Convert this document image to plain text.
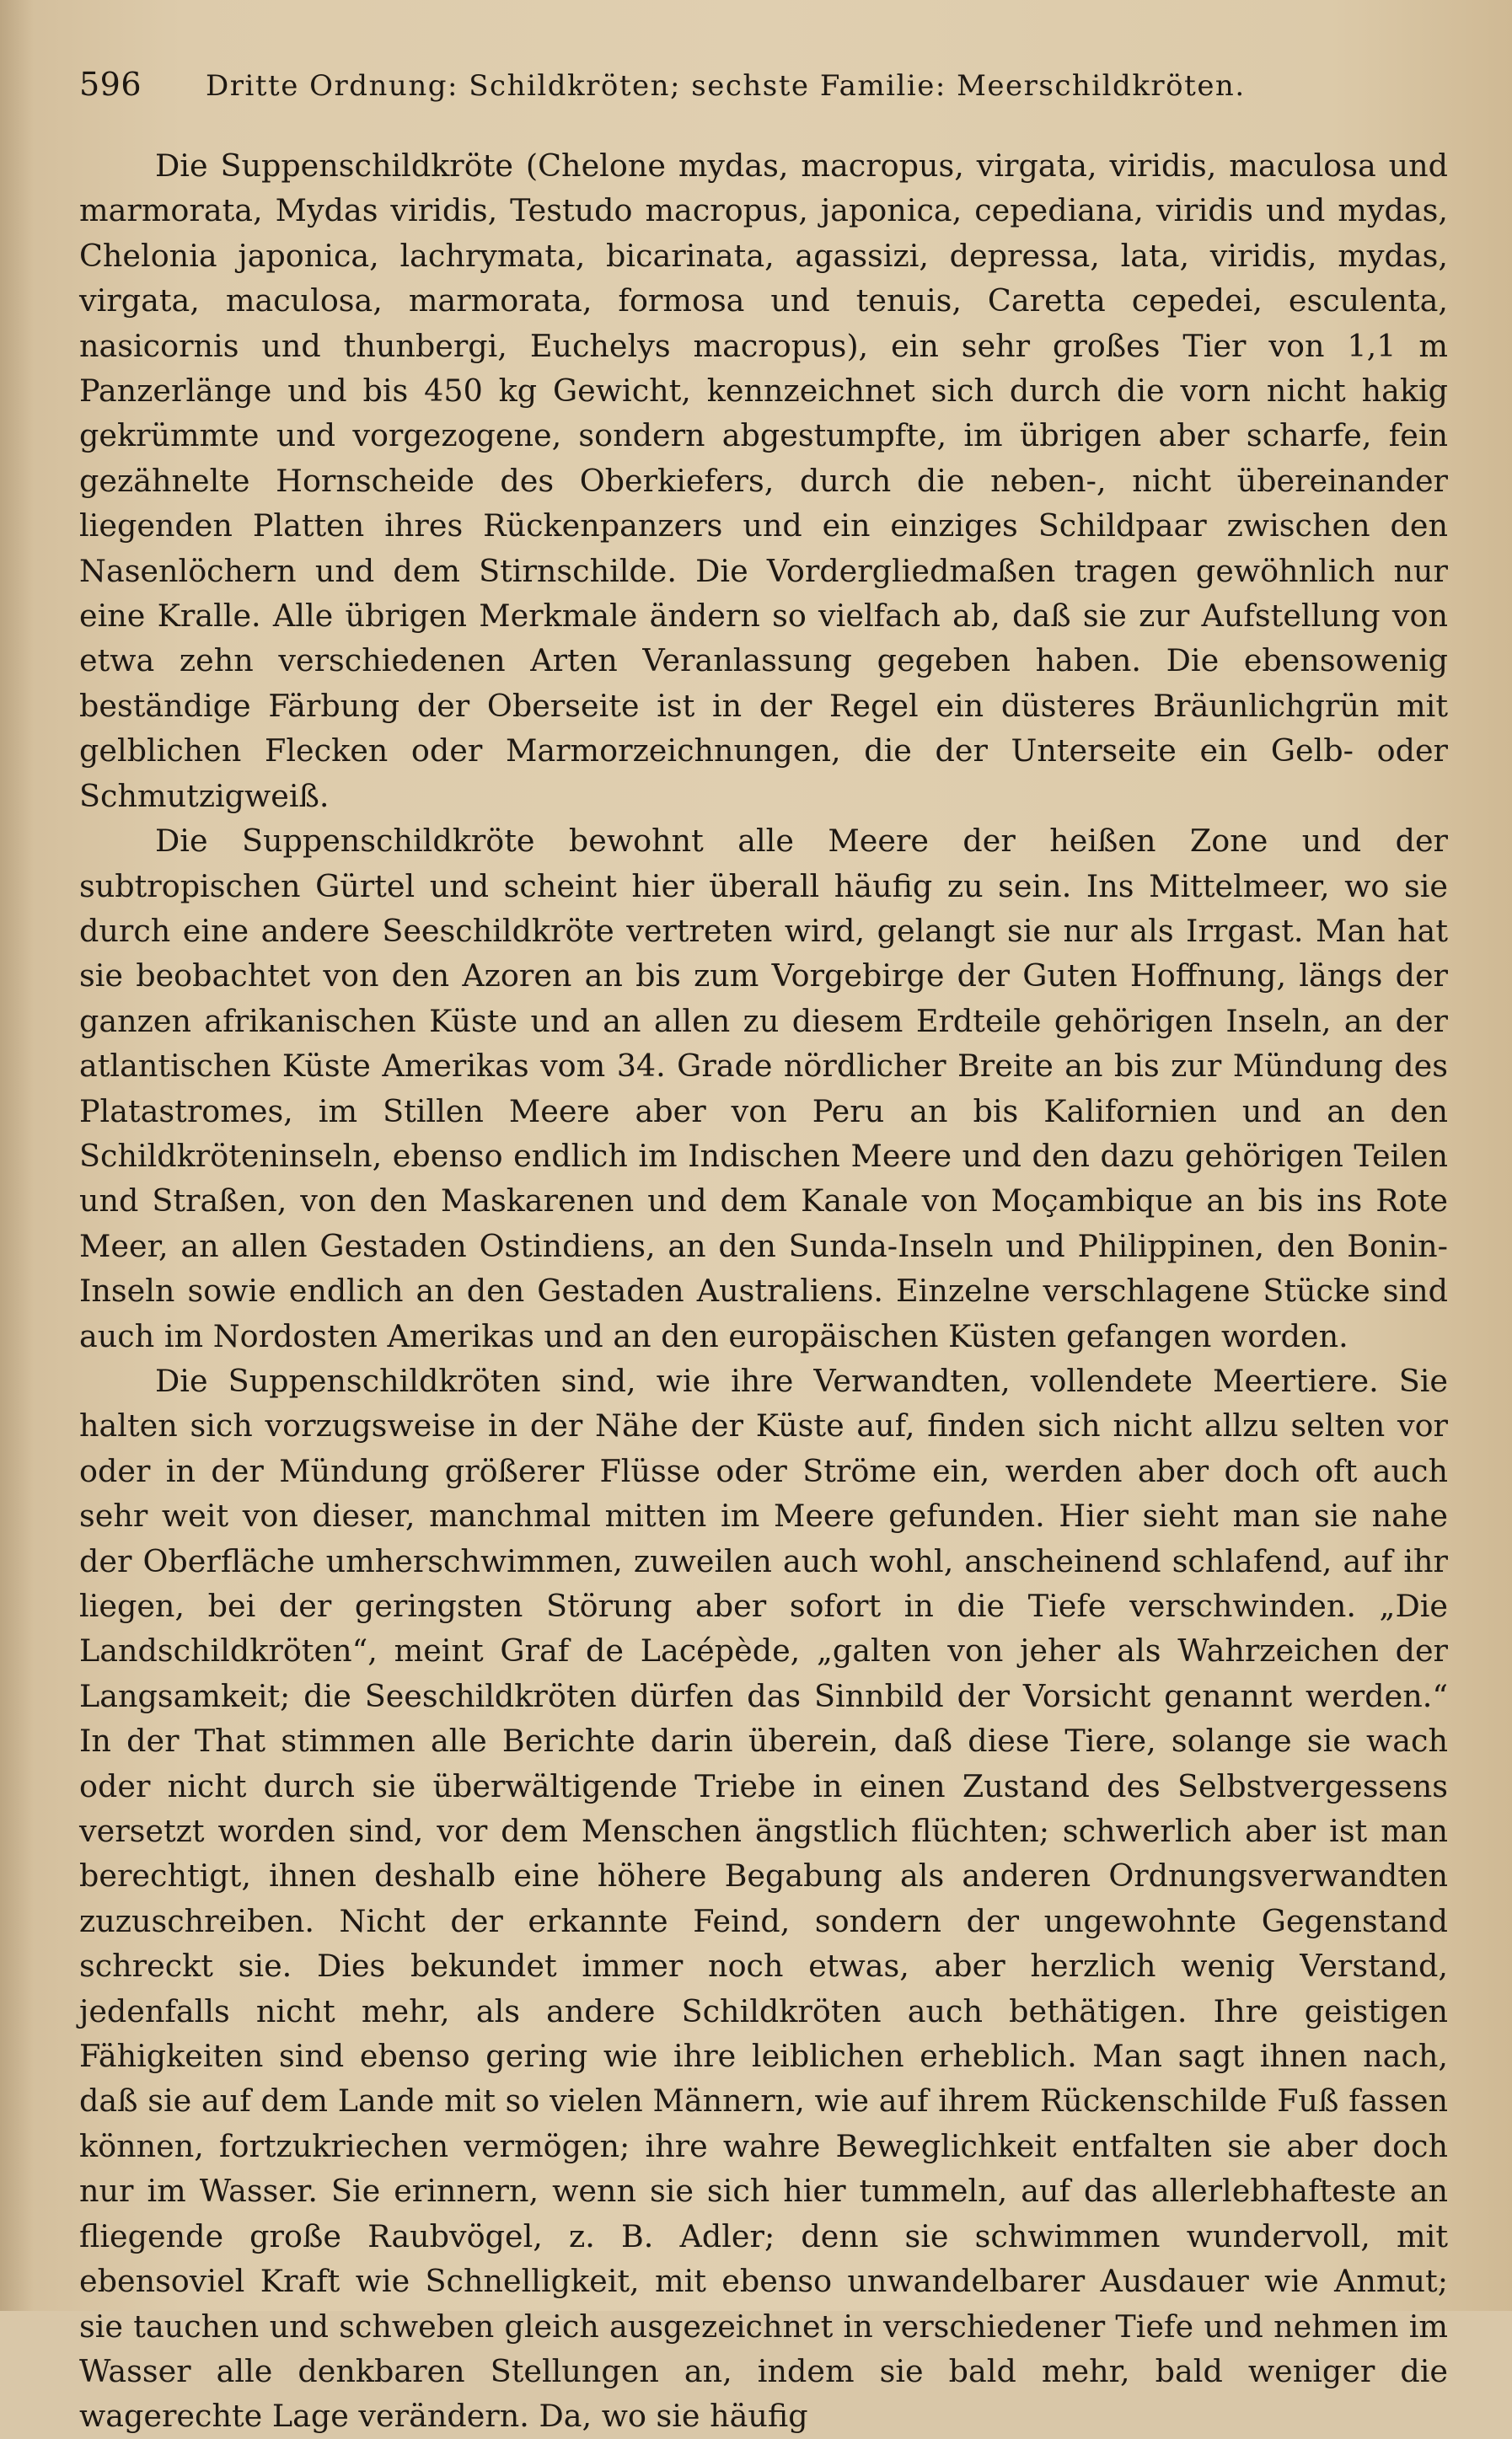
596	Dritte Ordnung: Schildkröten; sechste Familie: Meerschildkröten.

Die Suppenschildkröte (Chelone mydas, macropus, virgata, viridis, maculosa und marmorata, Mydas viridis, Testudo macropus, japonica, cepediana, viridis und mydas, Chelonia japonica, lachrymata, bicarinata, agassizi, depressa, lata, viridis, mydas, virgata, maculosa, marmorata, formosa und tenuis, Caretta cepedei, esculenta, nasicornis und thunbergi, Euchelys macropus), ein sehr großes Tier von 1,1 m Panzerlänge und bis 450 kg Gewicht, kennzeichnet sich durch die vorn nicht hakig gekrümmte und vorgezogene, sondern abgestumpfte, im übrigen aber scharfe, fein gezähnelte Hornscheide des Oberkiefers, durch die neben-, nicht übereinander liegenden Platten ihres Rückenpanzers und ein einziges Schildpaar zwischen den Nasenlöchern und dem Stirnschilde. Die Vordergliedmaßen tragen gewöhnlich nur eine Kralle. Alle übrigen Merkmale ändern so vielfach ab, daß sie zur Aufstellung von etwa zehn verschiedenen Arten Veranlassung gegeben haben. Die ebensowenig beständige Färbung der Oberseite ist in der Regel ein düsteres Bräunlichgrün mit gelblichen Flecken oder Marmorzeichnungen, die der Unterseite ein Gelb- oder Schmutzigweiß.

Die Suppenschildkröte bewohnt alle Meere der heißen Zone und der subtropischen Gürtel und scheint hier überall häufig zu sein. Ins Mittelmeer, wo sie durch eine andere Seeschildkröte vertreten wird, gelangt sie nur als Irrgast. Man hat sie beobachtet von den Azoren an bis zum Vorgebirge der Guten Hoffnung, längs der ganzen afrikanischen Küste und an allen zu diesem Erdteile gehörigen Inseln, an der atlantischen Küste Amerikas vom 34. Grade nördlicher Breite an bis zur Mündung des Platastromes, im Stillen Meere aber von Peru an bis Kalifornien und an den Schildkröteninseln, ebenso endlich im Indischen Meere und den dazu gehörigen Teilen und Straßen, von den Maskarenen und dem Kanale von Moçambique an bis ins Rote Meer, an allen Gestaden Ostindiens, an den Sunda-Inseln und Philippinen, den Bonin-Inseln sowie endlich an den Gestaden Australiens. Einzelne verschlagene Stücke sind auch im Nordosten Amerikas und an den europäischen Küsten gefangen worden.

Die Suppenschildkröten sind, wie ihre Verwandten, vollendete Meertiere. Sie halten sich vorzugsweise in der Nähe der Küste auf, finden sich nicht allzu selten vor oder in der Mündung größerer Flüsse oder Ströme ein, werden aber doch oft auch sehr weit von dieser, manchmal mitten im Meere gefunden. Hier sieht man sie nahe der Oberfläche umherschwimmen, zuweilen auch wohl, anscheinend schlafend, auf ihr liegen, bei der geringsten Störung aber sofort in die Tiefe verschwinden. „Die Landschildkröten“, meint Graf de Lacépède, „galten von jeher als Wahrzeichen der Langsamkeit; die Seeschildkröten dürfen das Sinnbild der Vorsicht genannt werden.“ In der That stimmen alle Berichte darin überein, daß diese Tiere, solange sie wach oder nicht durch sie überwältigende Triebe in einen Zustand des Selbstvergessens versetzt worden sind, vor dem Menschen ängstlich flüchten; schwerlich aber ist man berechtigt, ihnen deshalb eine höhere Begabung als anderen Ordnungsverwandten zuzuschreiben. Nicht der erkannte Feind, sondern der ungewohnte Gegenstand schreckt sie. Dies bekundet immer noch etwas, aber herzlich wenig Verstand, jedenfalls nicht mehr, als andere Schildkröten auch bethätigen. Ihre geistigen Fähigkeiten sind ebenso gering wie ihre leiblichen erheblich. Man sagt ihnen nach, daß sie auf dem Lande mit so vielen Männern, wie auf ihrem Rückenschilde Fuß fassen können, fortzukriechen vermögen; ihre wahre Beweglichkeit entfalten sie aber doch nur im Wasser. Sie erinnern, wenn sie sich hier tummeln, auf das allerlebhafteste an fliegende große Raubvögel, z. B. Adler; denn sie schwimmen wundervoll, mit ebensoviel Kraft wie Schnelligkeit, mit ebenso unwandelbarer Ausdauer wie Anmut; sie tauchen und schweben gleich ausgezeichnet in verschiedener Tiefe und nehmen im Wasser alle denkbaren Stellungen an, indem sie bald mehr, bald weniger die wagerechte Lage verändern. Da, wo sie häufig
